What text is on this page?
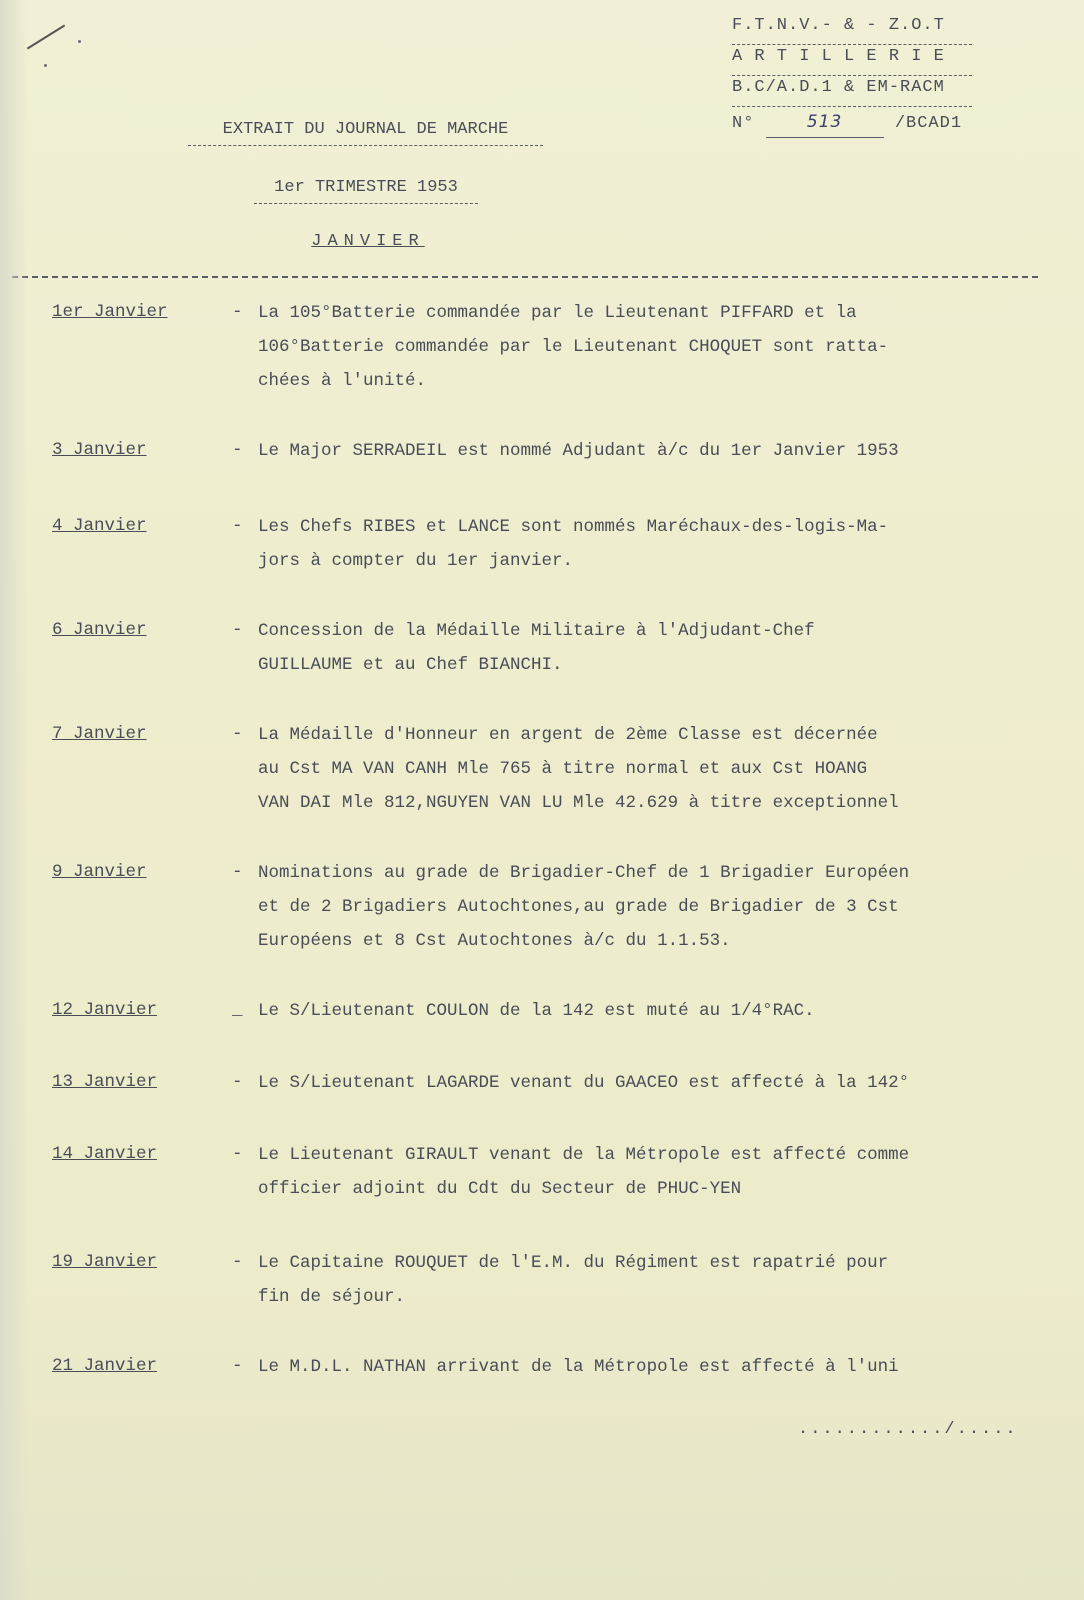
F.T.N.V.- & - Z.O.T
A R T I L L E R I E
B.C/A.D.1 & EM-RACM
N°	513	/BCAD1
EXTRAIT DU JOURNAL DE MARCHE
1er TRIMESTRE 1953
JANVIER
1er Janvier	- La 105°Batterie commandée par le Lieutenant PIFFARD et la
106°Batterie commandée par le Lieutenant CHOQUET sont ratta-
chées à l'unité.
3 Janvier	- Le Major SERRADEIL est nommé Adjudant à/c du 1er Janvier 1953
4 Janvier	- Les Chefs RIBES et LANCE sont nommés Maréchaux-des-logis-Ma-
jors à compter du 1er janvier.
6 Janvier	- Concession de la Médaille Militaire à l'Adjudant-Chef
GUILLAUME et au Chef BIANCHI.
7 Janvier	- La Médaille d'Honneur en argent de 2ème Classe est décernée
au Cst MA VAN CANH Mle 765 à titre normal et aux Cst HOANG
VAN DAI Mle 812,NGUYEN VAN LU Mle 42.629 à titre exceptionnel
9 Janvier	- Nominations au grade de Brigadier-Chef de 1 Brigadier Européen
et de 2 Brigadiers Autochtones,au grade de Brigadier de 3 Cst
Européens et 8 Cst Autochtones à/c du 1.1.53.
12 Janvier	_ Le S/Lieutenant COULON de la 142 est muté au 1/4°RAC.
13 Janvier	- Le S/Lieutenant LAGARDE venant du GAACEO est affecté à la 142°
14 Janvier	- Le Lieutenant GIRAULT venant de la Métropole est affecté comme
officier adjoint du Cdt du Secteur de PHUC-YEN
19 Janvier	- Le Capitaine ROUQUET de l'E.M. du Régiment est rapatrié pour
fin de séjour.
21 Janvier	- Le M.D.L. NATHAN arrivant de la Métropole est affecté à l'uni
............/.....
